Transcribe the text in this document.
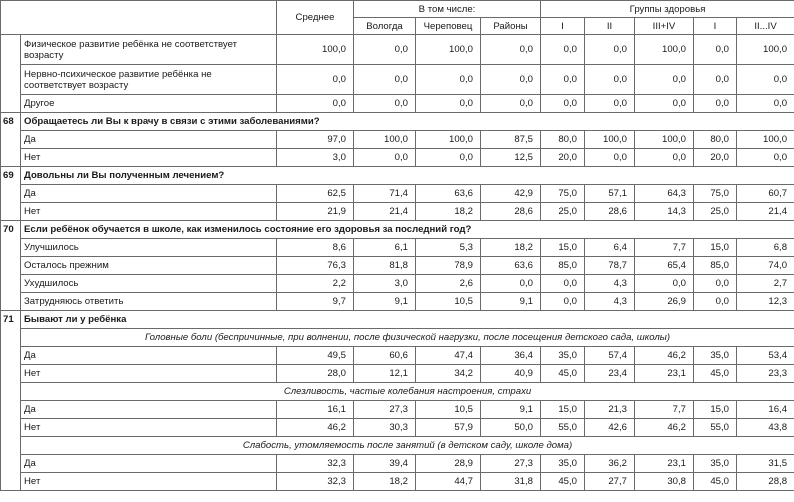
		Среднее	В том числе:			Группы здоровья				
			Вологда	Череповец	Районы	I	II	III+IV	I	II...IV
	Физическое развитие ребёнка не соответствует возрасту	100,0	0,0	100,0	0,0	0,0	0,0	100,0	0,0	100,0
	Нервно-психическое развитие ребёнка не соответствует возрасту	0,0	0,0	0,0	0,0	0,0	0,0	0,0	0,0	0,0
	Другое	0,0	0,0	0,0	0,0	0,0	0,0	0,0	0,0	0,0
68	Обращаетесь ли Вы к врачу в связи с этими заболеваниями?									
	Да	97,0	100,0	100,0	87,5	80,0	100,0	100,0	80,0	100,0
	Нет	3,0	0,0	0,0	12,5	20,0	0,0	0,0	20,0	0,0
69	Довольны ли Вы полученным лечением?									
	Да	62,5	71,4	63,6	42,9	75,0	57,1	64,3	75,0	60,7
	Нет	21,9	21,4	18,2	28,6	25,0	28,6	14,3	25,0	21,4
70	Если ребёнок обучается в школе, как изменилось состояние его здоровья за последний год?									
	Улучшилось	8,6	6,1	5,3	18,2	15,0	6,4	7,7	15,0	6,8
	Осталось прежним	76,3	81,8	78,9	63,6	85,0	78,7	65,4	85,0	74,0
	Ухудшилось	2,2	3,0	2,6	0,0	0,0	4,3	0,0	0,0	2,7
	Затрудняюсь ответить	9,7	9,1	10,5	9,1	0,0	4,3	26,9	0,0	12,3
71	Бывают ли у ребёнка									
	Головные боли (беспричинные, при волнении, после физической нагрузки, после посещения детского сада, школы)									
	Да	49,5	60,6	47,4	36,4	35,0	57,4	46,2	35,0	53,4
	Нет	28,0	12,1	34,2	40,9	45,0	23,4	23,1	45,0	23,3
	Слезливость, частые колебания настроения, страхи									
	Да	16,1	27,3	10,5	9,1	15,0	21,3	7,7	15,0	16,4
	Нет	46,2	30,3	57,9	50,0	55,0	42,6	46,2	55,0	43,8
	Слабость, утомляемость после занятий (в детском саду, школе дома)									
	Да	32,3	39,4	28,9	27,3	35,0	36,2	23,1	35,0	31,5
	Нет	32,3	18,2	44,7	31,8	45,0	27,7	30,8	45,0	28,8
